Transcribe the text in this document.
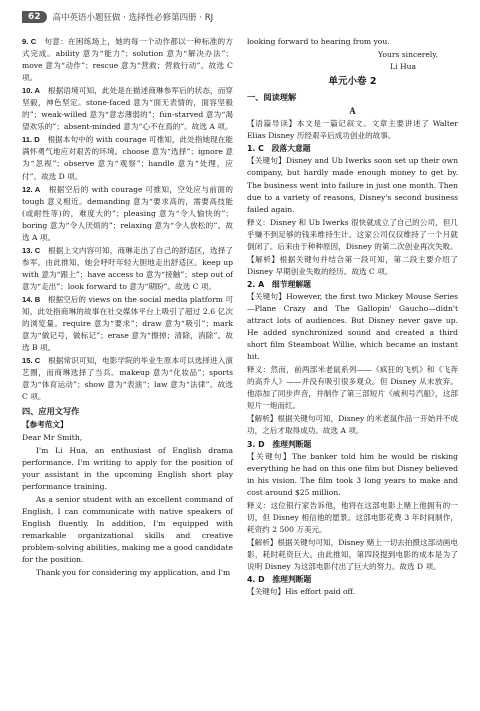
62	高中英语小题狂做 · 选择性必修第四册 · RJ
9. C　 句意：在困练场上，她的每一个动作都以一种标准的方式完成。ability 意为“能力”；solution 意为“解决办法”；move 意为“动作”；rescue 意为“营救；营救行动”。故选 C 项。
10. A　 根据语境可知，此处是在描述商琳参军后的状态，而穿坚毅，神色坚定。stone-faced 意为“面无表情的，面容坚毅的”；weak-willed 意为“意志薄弱的”；fun-starved 意为“渴望欢乐的”；absent-minded 意为“心不在焉的”。故选 A 项。
11. D　 根据本句中的 with courage 可推知，此处指她现在能满怀勇气地应对艰苦的环境。choose 意为“选择”；ignore 意为“忽视”；observe 意为“观察”；handle 意为“处理，应付”。故选 D 项。
12. A　 根据空后的 with courage 可推知，空处应与前面的 tough 意义相近。demanding 意为“要求高的，需要高技能(或耐性等)的，难度大的”；pleasing 意为“令人愉快的”；boring 意为“令人厌烦的”；relaxing 意为“令人放松的”。故选 A 项。
13. C　 根据上文内容可知，商琳走出了自己的舒适区，选择了参军。由此推知，她会呼吁年轻大胆地走出舒适区。keep up with 意为“跟上”；have access to 意为“接触”；step out of 意为“走出”；look forward to 意为“期盼”。故选 C 项。
14. B　 根据空后的 views on the social media platform 可知，此处指商琳的故事在社交媒体平台上吸引了超过 2.6 亿次的浏览量。require 意为“要求”；draw 意为“吸引”；mark 意为“做记号，做标记”；erase 意为“擦掉；清除，消除”。故选 B 项。
15. C　 根据常识可知，电影学院的毕业生原本可以选择进入演艺圈，而商琳选择了当兵。makeup 意为“化妆品”；sports 意为“体育运动”；show 意为“表演”；law 意为“法律”。故选 C 项。
四、应用文写作
【参考范文】
Dear Mr Smith,
I'm Li Hua, an enthusiast of English drama performance. I'm writing to apply for the position of your assistant in the upcoming English short play performance training.
As a senior student with an excellent command of English, I can communicate with native speakers of English fluently. In addition, I'm equipped with remarkable organizational skills and creative problem-solving abilities, making me a good candidate for the position.
Thank you for considering my application, and I'm
looking forward to hearing from you.
Yours sincerely,
Li Hua
单元小卷 2
一、阅读理解
A
【语篇导读】本文是一篇记叙文。文章主要讲述了 Walter Elias Disney 历经艰辛后成功创业的故事。
1. C　段落大意题
【关键句】Disney and Ub Iwerks soon set up their own company, but hardly made enough money to get by. The business went into failure in just one month. Then due to a variety of reasons, Disney's second business failed again.
释义：Disney 和 Ub Iwerks 很快就成立了自己的公司，但几乎赚不到足够的钱来维持生计。这家公司仅仅维持了一个月就倒闭了。后来由于种种原因，Disney 的第二次创业再次失败。
【解析】根据关键句并结合第一段可知，第二段主要介绍了 Disney 早期创业失败的经历。故选 C 项。
2. A　细节理解题
【关键句】However, the first two Mickey Mouse Series—Plane Crazy and The Gallopin' Gaucho—didn't attract lots of audiences. But Disney never gave up. He added synchronized sound and created a third short film Steamboat Willie, which became an instant hit.
释义：然而，前两部米老鼠系列——《疯狂的飞机》和《飞奔的高乔人》——并没有吸引很多观众。但 Disney 从未放弃。他添加了同步声音，并制作了第三部短片《威利号汽船》，这部短片一炮而红。
【解析】根据关键句可知，Disney 的米老鼠作品一开始并不成功，之后才取得成功。故选 A 项。
3. D　推理判断题
【关键句】The banker told him he would be risking everything he had on this one film but Disney believed in his vision. The film took 3 long years to make and cost around $25 million.
释义：这位银行家告诉他，他将在这部电影上赌上他拥有的一切，但 Disney 相信他的愿景。这部电影花费 3 年时间制作，耗资约 2 500 万美元。
【解析】根据关键句可知，Disney 赌上一切去拍摄这部动画电影，耗时耗资巨大。由此推知，第四段提到电影的成本是为了说明 Disney 为这部电影付出了巨大的努力。故选 D 项。
4. D　推理判断题
【关键句】His effort paid off.
